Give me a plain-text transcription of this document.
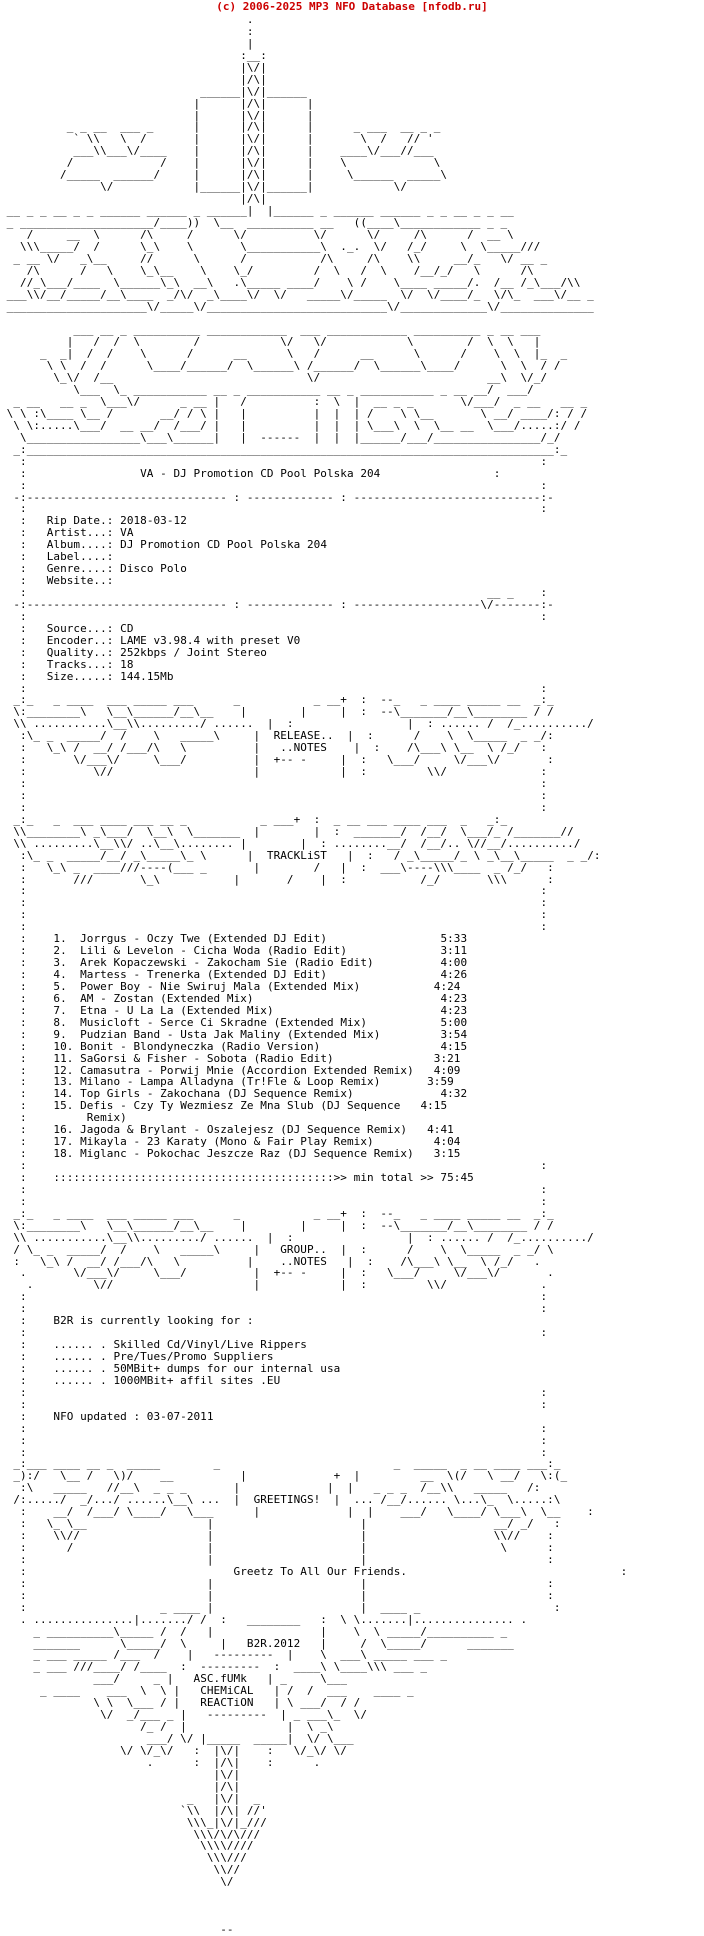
(c) 2006-2025 MP3 NFO Database [nfodb.ru]
.
:
|
:__:
|\/|
|/\|
______|\/|______
|      |/\|      |
|      |\/|      |
_ _ __  ___ _      |      |/\|      |      _ ___  __ _ _
` \\   \  /       |      |\/|      |       \  /   // '
___\\___\/____    |      |/\|      |    ____\/___//___
/             /    |      |\/|      |    \             \
/_____  ______/     |      |/\|      |     \______  _____\
\/            |______|\/|______|            \/
|/\|
__ _ _ __ _ _ ______ ______ _ ______|  |______ _ ______ ______ _ _ __ _ _ __
_ ____________________/____))  \__  __________ __   ((____\____________ _ _
/     __  \      /\     /      \/          \/      \/     /\      /  __ \
\\\_____/  /      \_\    \       \___________\  ._.  \/   /_/     \  \_____///
_ __ \/   _\__     //      \      /           /\     /\    \\     __/_   \/ __ _
/\      /   \    \_\__    \    \_/         /  \   /  \    /__/_/   \      /\
//_\___/____  \______\_\  __\   .\_____ ____/    \ /    \____ _____/.  /__ /_\___/\\
___\\/__/_____/__\____  _/\/  _\____\/  \/   _____\/_____  \/  \/____/_  \/\_  ___\/__ _
_____________________\/_____\/___________________________\/_____________\/______________

___ __ _ __________ ____________  ___ ____________ __________ _ __ ___
|   /  /  \        /            \/   \/            \        /  \  \   |
_  _|  /  /    \      /      __      \   /      __      \      /    \  \  |_  _
\ \  /  /      \____/______/  \______\ /______/  \______\____/      \  \  / /
\_\/  /__                             \/                         __\  \/_/
\___  \_ ___________ __ _ ___________ __ _ ___________ _ __ __/  ___/
_ __   __ _  \___\/      _ __ |   /          :  \  |  __ _ _       \/___/  _ __   __ _
\ \ :\____ \__ /       __/ / \ |   |          |  |  | /    \ \__       \ __/ ____/: / /
\ \:.....\___/  __ __/  /___/ |   |          |  |  | \___\  \  \__ __  \___/.....:/ /
\_________________\___\______|   |  ------  |  |  |______/___/________________/_/
_:_______________________________________________________________________________:_
:                                                                             :
:                 VA - DJ Promotion CD Pool Polska 204                 :
:                                                                             :
-:------------------------------ : ------------- : ----------------------------:-
:                                                                             :
:   Rip Date.: 2018-03-12
:   Artist...: VA
:   Album....: DJ Promotion CD Pool Polska 204
:   Label....:
:   Genre....: Disco Polo
:   Website..:
:                                                                     __ _    :
-:------------------------------ : ------------- : -------------------\/-------:-
:                                                                             :
:   Source...: CD
:   Encoder..: LAME v3.98.4 with preset V0
:   Quality..: 252kbps / Joint Stereo
:   Tracks...: 18
:   Size.....: 144.15Mb
:                                                                             :
_:_   _ ____  ___ _____ ___      _           _ __+  :  --_   _ ____ _____ __  _:_
\:________\   \__\______/__\__    |        |     |  :  --\_______/__\________ / /
\\ ...........\__\\........./ ......  |  :                 |  : ...... /  /_........../
:\_ _  _____/  /    \   _____\     |  RELEASE..  |  :      /    \  \_____  _ _/:
:   \_\ /  __/ /___/\   \          |   ..NOTES    |  :    /\___\ \__  \ /_/   :
:       \/___\/     \___/          |  +-- -     |  :   \___/     \/___\/       :
:          \//                     |            |  :         \\/              :
:                                                                             :
:                                                                             :
:                                                                             :
_:_   _  ___ ____ ___ __ _           _ ___+  :  _ __ ___ ____ ___  _   _:_
\\________\ _\___/  \__\  \_______  |        |  :  _______/  /__/  \___/_ /_______//
\\ .........\__\\/ ..\__\........ |        |  : ........__/  /__/.. \//__/........../
:\_ _  _____/__/ _\_____\_ \      |  TRACKLiST   |  :   / _\_____/_ \ _\__\_____  _ _/:
:   \_\ _  ____///----(___ _       |        /   |  :  ___\----\\\____  _ /_/   :
:       ///       \_\           |       /    |  :           /_/       \\\      :
:                                                                             :
:                                                                             :
:                                                                             :
:                                                                             :
:    1. Jorrgus - Oczy Twe (Extended DJ Edit)	5:33
:    2. Lili & Levelon - Cicha Woda (Radio Edit)	3:11
:    3. Arek Kopaczewski - Zakocham Sie (Radio Edit)	4:00
:    4. Martess - Trenerka (Extended DJ Edit)	4:26
:    5. Power Boy - Nie Swiruj Mala (Extended Mix)	4:24
:    6. AM - Zostan (Extended Mix)	4:23
:    7. Etna - U La La (Extended Mix)	4:23
:    8. Musicloft - Serce Ci Skradne (Extended Mix)	5:00
:    9. Pudzian Band - Usta Jak Maliny (Extended Mix)	3:54
:    10. Bonit - Blondyneczka (Radio Version)	4:15
:    11. SaGorsi & Fisher - Sobota (Radio Edit)	3:21
:    12. Camasutra - Porwij Mnie (Accordion Extended Remix) 4:09
:    13. Milano - Lampa Alladyna (Tr!Fle & Loop Remix)	3:59
:    14. Top Girls - Zakochana (DJ Sequence Remix)	4:32
:    15. Defis - Czy Ty Wezmiesz Ze Mna Slub (DJ Sequence 4:15
:         Remix)
:    16. Jagoda & Brylant - Oszalejesz (DJ Sequence Remix) 4:41
:    17. Mikayla - 23 Karaty (Mono & Fair Play Remix)	4:04
:    18. Miglanc - Pokochac Jeszcze Raz (DJ Sequence Remix) 3:15
:                                                                             :
:    ::::::::::::::::::::::::::::::::::::::::::>> min total >> 75:45
:                                                                             :
:                                                                             :
_:_   _ ____  ___ _____ ___      _           _ __+  :  --_   _ ____ _____ __  _:_
\:________\   \__\______/__\__    |        |     |  :  --\_______/__\________ / /
\\ ...........\__\\........./ ......  |  :                 |  : ...... /  /_........../
/ \_ _  _____/  /    \   _____\     |   GROUP..  |  :      /    \  \_____  _ _/ \
:   \_\ /  __/ /___/\   \          |    ..NOTES   |  :    /\___\ \__  \ /_/   .
.       \/___\/     \___/          |  +-- -     |  :   \___/     \/___\/       .
.         \//                     |            |  :         \\/              .
:                                                                             :
:                                                                             :
:    B2R is currently looking for :
:                                                                             :
:    ...... . Skilled Cd/Vinyl/Live Rippers
:    ...... . Pre/Tues/Promo Suppliers
:    ...... . 50MBit+ dumps for our internal usa
:    ...... . 1000MBit+ affil sites .EU
:                                                                             :
:                                                                             :
:    NFO updated : 03-07-2011
:                                                                             :
:                                                                             :
:                                                                             :
_:___ ____ __ _  _____        _                          _  _____  _ __ ____ ___:_
_):/   \__ /   \)/    __          |             +  |         __  \(/   \ __/   \:(_
:\   _____   //__\  _ _ _       |             |  |   _ _ _  /__\\   _____   /:
/:...../  _/.../ ......\__\ ...  |  GREETINGS!  |  ... /__/...... \...\_  \.....:\
:    __/  /___/ \____/   \___      |             |  |    ___/   \____/ \___\  \__    :
:   \_ \__                  |                      |                   __/ _/   :
:    \\//                   |                      |                   \\//    :
:      /                    |                      |                    \      :
:                           |                      |                           :
:                               Greetz To All Our Friends.                                :
:                           |                      |                           :
:                           |                      |                           :
:                    _ ____ |                      |  ____ _                    :
. ...............|......./ /  :   ________   :  \ \.......|............... .
_ __________\_____ /  /   |                |    \  \ _____/__________ _
_______      \_____/  \     |   B2R.2012   |     /  \_____/      _______
_ ___ _____ /___  /    |   ---------  |    \  ___\ _____ ___ _
_ ___ ///____/ /____  :  ---------  :  ____\ \____\\\ ___ _
___/     _ |   ASC.fUMk   | _     \___
_ ____    ___  \  \ |   CHEMiCAL   | /  /  ___    ____ _
\ \  \___ / |   REACTiON   | \ ___/  / /
\/  _/___ _ |   ---------  | _ ___\_  \/
/_ /  |               |  \ _\
___/ \/ |_____  _____|  \/ \___
\/ \/_\/   :  |\/|    :   \/_\/ \/
.      :  |/\|    :      .
|\/|
|/\|
_   |\/|  _
`\\  |/\| //'
\\\_|\/|_///
\\\/\/\///
\\\\////
\\\///
\\//
\/

--
